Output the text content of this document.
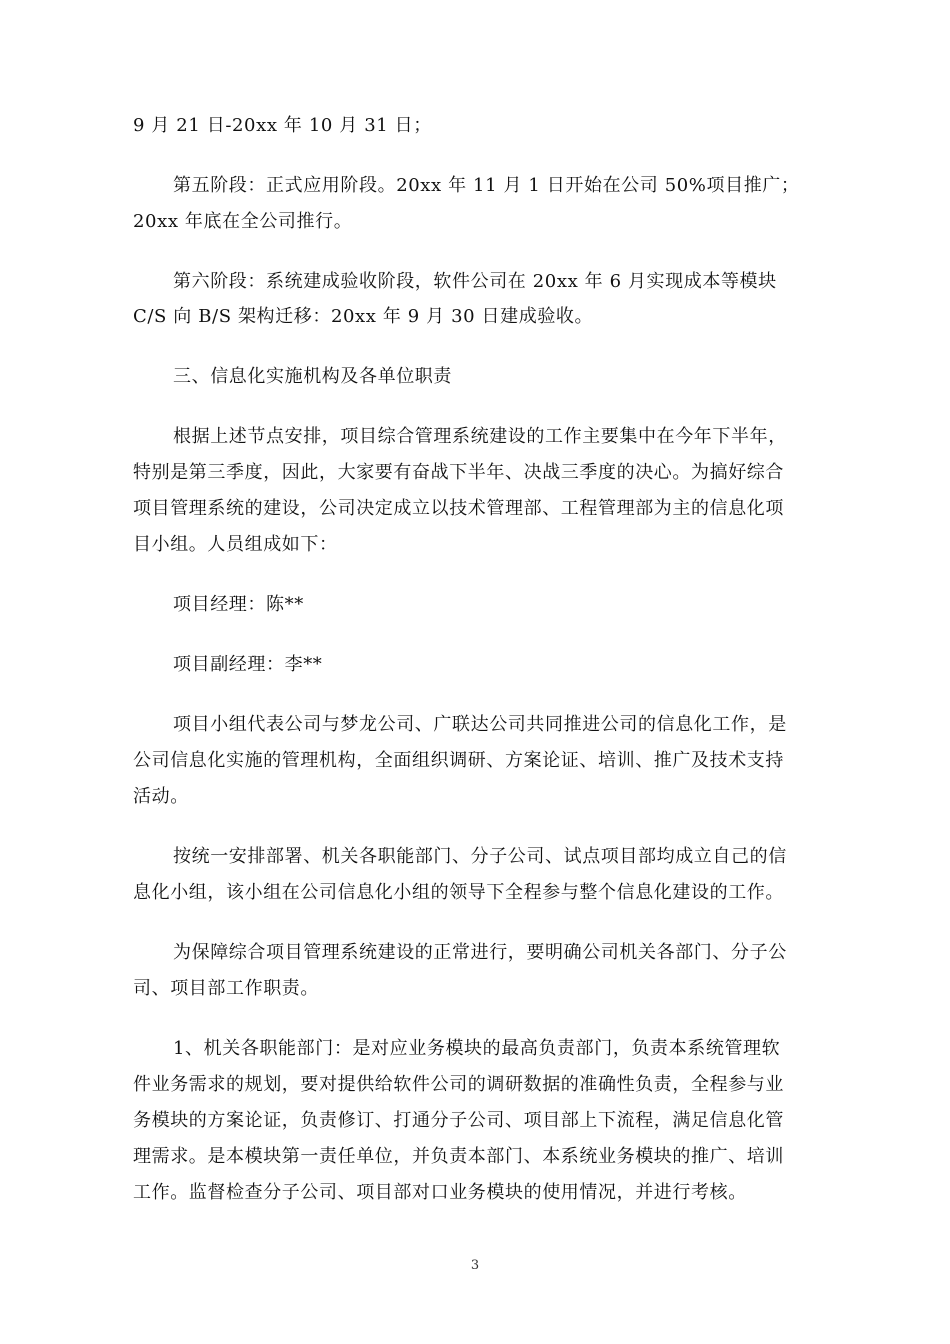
9 月 21 日-20xx 年 10 月 31 日；
第五阶段：正式应用阶段。20xx 年 11 月 1 日开始在公司 50%项目推广；
20xx 年底在全公司推行。
第六阶段：系统建成验收阶段，软件公司在 20xx 年 6 月实现成本等模块
C/S 向 B/S 架构迁移：20xx 年 9 月 30 日建成验收。
三、信息化实施机构及各单位职责
根据上述节点安排，项目综合管理系统建设的工作主要集中在今年下半年，
特别是第三季度，因此，大家要有奋战下半年、决战三季度的决心。为搞好综合
项目管理系统的建设，公司决定成立以技术管理部、工程管理部为主的信息化项
目小组。人员组成如下：
项目经理：陈**
项目副经理：李**
项目小组代表公司与梦龙公司、广联达公司共同推进公司的信息化工作，是
公司信息化实施的管理机构，全面组织调研、方案论证、培训、推广及技术支持
活动。
按统一安排部署、机关各职能部门、分子公司、试点项目部均成立自己的信
息化小组，该小组在公司信息化小组的领导下全程参与整个信息化建设的工作。
为保障综合项目管理系统建设的正常进行，要明确公司机关各部门、分子公
司、项目部工作职责。
1、机关各职能部门：是对应业务模块的最高负责部门，负责本系统管理软
件业务需求的规划，要对提供给软件公司的调研数据的准确性负责，全程参与业
务模块的方案论证，负责修订、打通分子公司、项目部上下流程，满足信息化管
理需求。是本模块第一责任单位，并负责本部门、本系统业务模块的推广、培训
工作。监督检查分子公司、项目部对口业务模块的使用情况，并进行考核。
3
